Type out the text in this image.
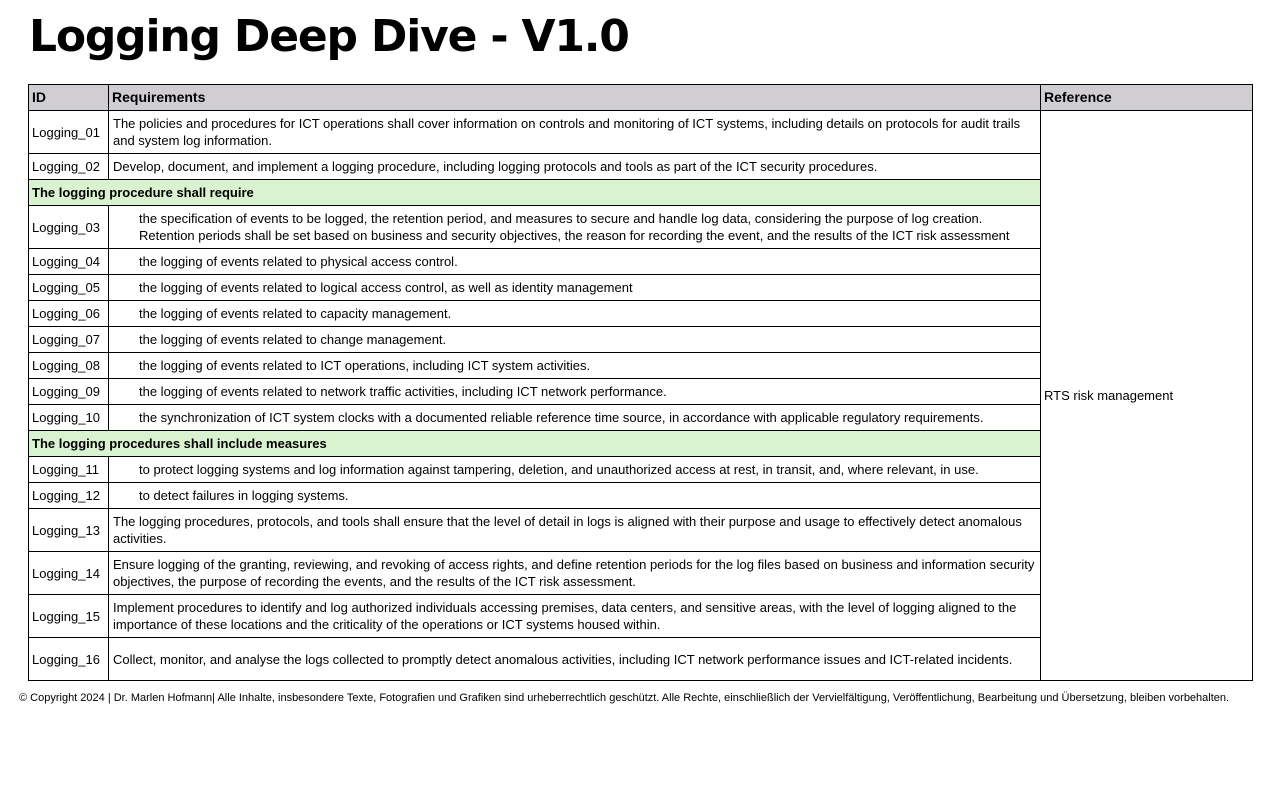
Logging Deep Dive - V1.0
ID	Requirements	Reference
Logging_01	The policies and procedures for ICT operations shall cover information on controls and monitoring of ICT systems, including details on protocols for audit trails and system log information.	RTS risk management
Logging_02	Develop, document, and implement a logging procedure, including logging protocols and tools as part of the ICT security procedures.	
The logging procedure shall require		
Logging_03	the specification of events to be logged, the retention period, and measures to secure and handle log data, considering the purpose of log creation. Retention periods shall be set based on business and security objectives, the reason for recording the event, and the results of the ICT risk assessment	
Logging_04	the logging of events related to physical access control.	
Logging_05	the logging of events related to logical access control, as well as identity management	
Logging_06	the logging of events related to capacity management.	
Logging_07	the logging of events related to change management.	
Logging_08	the logging of events related to ICT operations, including ICT system activities.	
Logging_09	the logging of events related to network traffic activities, including ICT network performance.	
Logging_10	the synchronization of ICT system clocks with a documented reliable reference time source, in accordance with applicable regulatory requirements.	
The logging procedures shall include measures		
Logging_11	to protect logging systems and log information against tampering, deletion, and unauthorized access at rest, in transit, and, where relevant, in use.	
Logging_12	to detect failures in logging systems.	
Logging_13	The logging procedures, protocols, and tools shall ensure that the level of detail in logs is aligned with their purpose and usage to effectively detect anomalous activities.	
Logging_14	Ensure logging of the granting, reviewing, and revoking of access rights, and define retention periods for the log files based on business and information security objectives, the purpose of recording the events, and the results of the ICT risk assessment.	
Logging_15	Implement procedures to identify and log authorized individuals accessing premises, data centers, and sensitive areas, with the level of logging aligned to the importance of these locations and the criticality of the operations or ICT systems housed within.	
Logging_16	Collect, monitor, and analyse the logs collected to promptly detect anomalous activities, including ICT network performance issues and ICT-related incidents.	
© Copyright 2024 | Dr. Marlen Hofmann| Alle Inhalte, insbesondere Texte, Fotografien und Grafiken sind urheberrechtlich geschützt. Alle Rechte, einschließlich der Vervielfältigung, Veröffentlichung, Bearbeitung und Übersetzung, bleiben vorbehalten.
